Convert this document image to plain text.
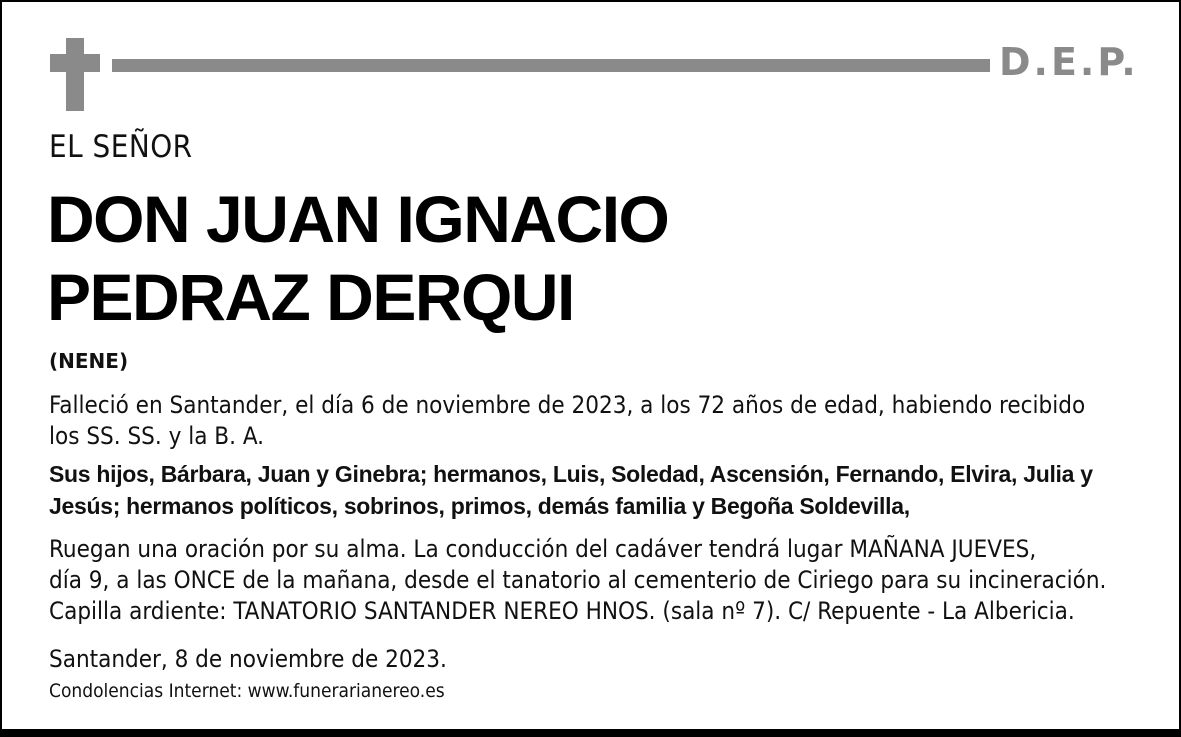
D.E.P.
EL SEÑOR
DON JUAN IGNACIO
PEDRAZ DERQUI
(NENE)
Falleció en Santander, el día 6 de noviembre de 2023, a los 72 años de edad, habiendo recibido
los SS. SS. y la B. A.
Sus hijos, Bárbara, Juan y Ginebra; hermanos, Luis, Soledad, Ascensión, Fernando, Elvira, Julia y
Jesús; hermanos políticos, sobrinos, primos, demás familia y Begoña Soldevilla,
Ruegan una oración por su alma. La conducción del cadáver tendrá lugar MAÑANA JUEVES,
día 9, a las ONCE de la mañana, desde el tanatorio al cementerio de Ciriego para su incineración.
Capilla ardiente: TANATORIO SANTANDER NEREO HNOS. (sala nº 7). C/ Repuente - La Albericia.
Santander, 8 de noviembre de 2023.
Condolencias Internet: www.funerarianereo.es
